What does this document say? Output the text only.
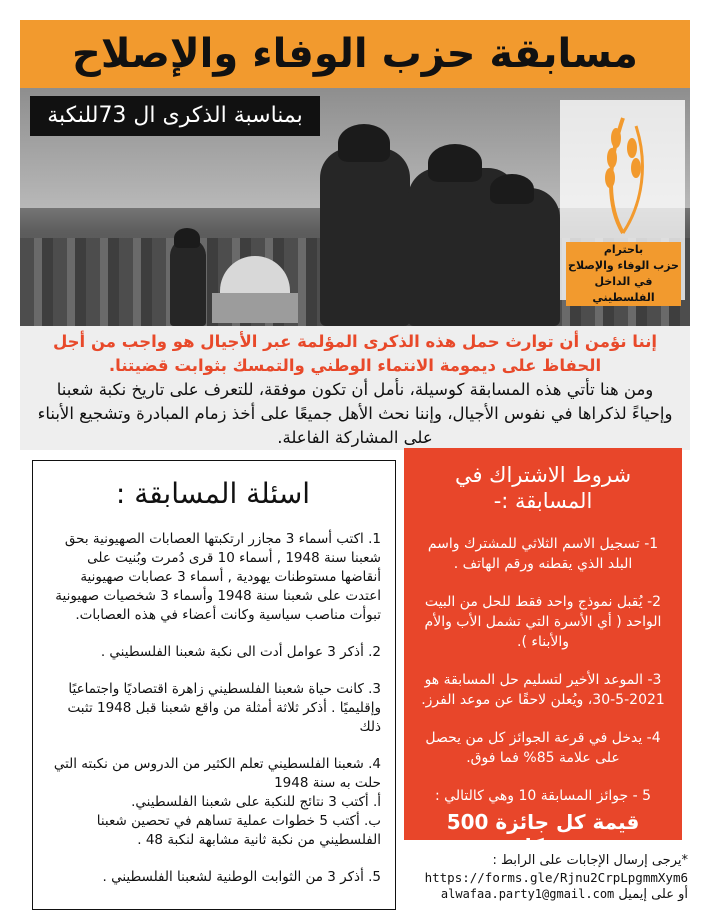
مسابقة حزب الوفاء والإصلاح
بمناسبة الذكرى ال 73للنكبة
باحترام
حزب الوفاء والإصلاح
في الداخل الفلسطيني

إننا نؤمن أن توارث حمل هذه الذكرى المؤلمة عبر الأجيال هو واجب من أجل الحفاظ على ديمومة الانتماء الوطني والتمسك بثوابت قضيتنا.

ومن هنا تأتي هذه المسابقة كوسيلة، نأمل أن تكون موفقة، للتعرف على تاريخ نكبة شعبنا وإحياءً لذكراها في نفوس الأجيال، وإننا نحث الأهل جميعًا على أخذ زمام المبادرة وتشجيع الأبناء على المشاركة الفاعلة.

اسئلة المسابقة :
1. اكتب أسماء 3 مجازر ارتكبتها العصابات الصهيونية بحق شعبنا سنة 1948 , أسماء 10 قرى دُمرت وبُنيت على أنقاضها مستوطنات يهودية , أسماء 3 عصابات صهيونية اعتدت على شعبنا سنة 1948 وأسماء 3 شخصيات صهيونية تبوأت مناصب سياسية وكانت أعضاء في هذه العصابات.
2. أذكر 3 عوامل أدت الى نكبة شعبنا الفلسطيني .
3. كانت حياة شعبنا الفلسطيني زاهرة اقتصاديًا واجتماعيًا وإقليميًا . أذكر ثلاثة أمثلة من واقع شعبنا قبل 1948 تثبت ذلك
4. شعبنا الفلسطيني تعلم الكثير من الدروس من نكبته التي حلت به سنة 1948
أ. أكتب 3 نتائج للنكبة على شعبنا الفلسطيني.
ب. أكتب 5 خطوات عملية تساهم في تحصين شعبنا الفلسطيني من نكبة ثانية مشابهة لنكبة 48 .
5. أذكر 3 من الثوابت الوطنية لشعبنا الفلسطيني .
شروط الاشتراك في المسابقة :-
1- تسجيل الاسم الثلاثي للمشترك واسم البلد الذي يقطنه ورقم الهاتف .
2- يُقبل نموذج واحد فقط للحل من البيت الواحد ( أي الأسرة التي تشمل الأب والأم والأبناء ).
3- الموعد الأخير لتسليم حل المسابقة هو 2021-5-30، ويُعلن لاحقًا عن موعد الفرز.
4- يدخل في قرعة الجوائز كل من يحصل على علامة 85% فما فوق.
5 - جوائز المسابقة 10 وهي كالتالي :
قيمة كل جائزة 500 شيكل
*يرجى إرسال الإجابات على الرابط :
https://forms.gle/Rjnu2CrpLpgmmXym6
أو على إيميل alwafaa.party1@gmail.com
